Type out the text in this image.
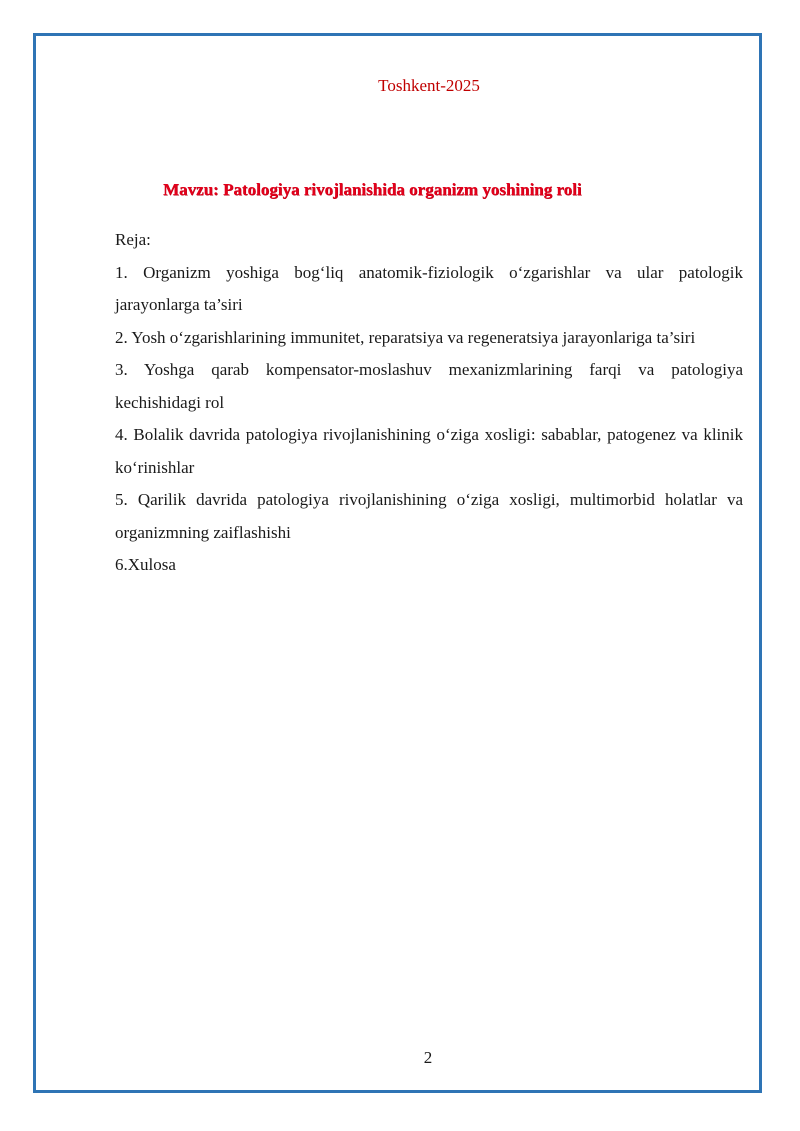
Toshkent-2025
Mavzu: Patologiya rivojlanishida organizm yoshining roli
Reja:
1. Organizm yoshiga bog‘liq anatomik-fiziologik o‘zgarishlar va ular patologik jarayonlarga ta’siri
2. Yosh o‘zgarishlarining immunitet, reparatsiya va regeneratsiya jarayonlariga ta’siri
3. Yoshga qarab kompensator-moslashuv mexanizmlarining farqi va patologiya kechishidagi rol
4. Bolalik davrida patologiya rivojlanishining o‘ziga xosligi: sabablar, patogenez va klinik ko‘rinishlar
5. Qarilik davrida patologiya rivojlanishining o‘ziga xosligi, multimorbid holatlar va organizmning zaiflashishi
6.Xulosa
2
